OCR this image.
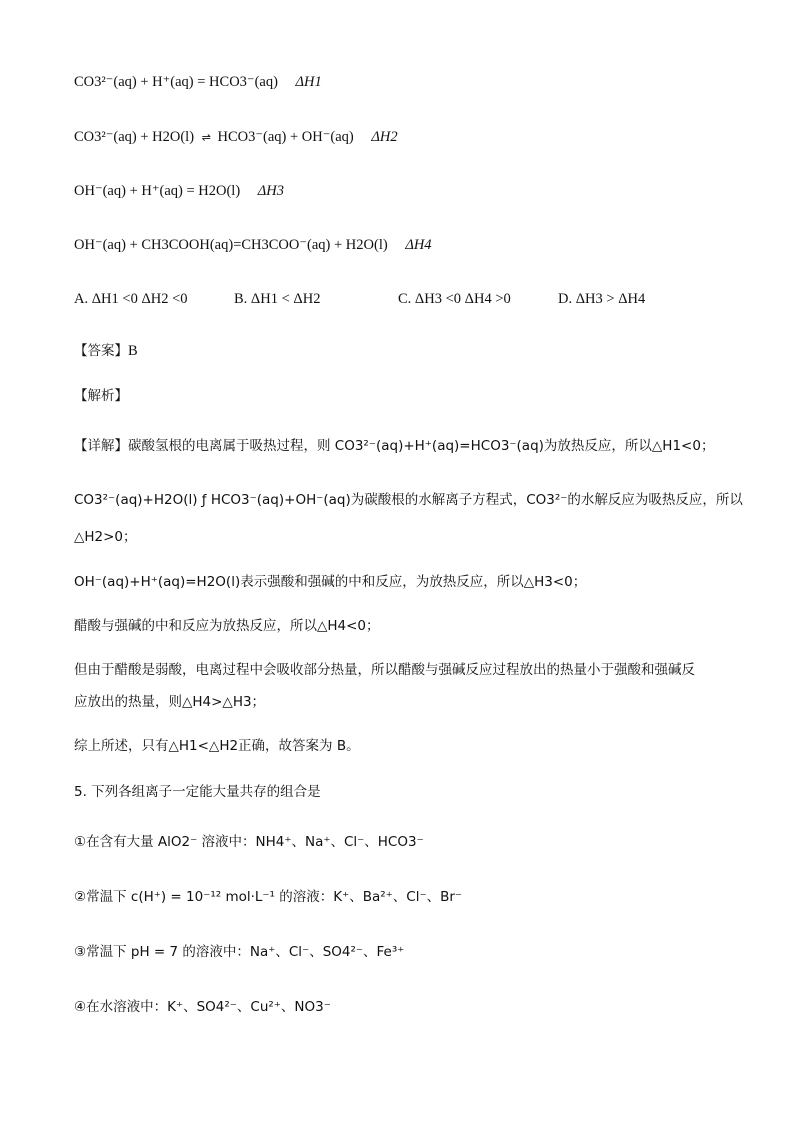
CO3²⁻(aq) + H⁺(aq) = HCO3⁻(aq) ΔH1
CO3²⁻(aq) + H2O(l) ⇌ HCO3⁻(aq) + OH⁻(aq) ΔH2
OH⁻(aq) + H⁺(aq) = H2O(l) ΔH3
OH⁻(aq) + CH3COOH(aq)=CH3COO⁻(aq) + H2O(l) ΔH4
A. ΔH1 <0 ΔH2 <0	B. ΔH1 < ΔH2	C. ΔH3 <0 ΔH4 >0	D. ΔH3 > ΔH4
【答案】B
【解析】
【详解】碳酸氢根的电离属于吸热过程，则 CO3²⁻(aq)+H⁺(aq)=HCO3⁻(aq)为放热反应，所以△H1<0；
CO3²⁻(aq)+H2O(l) ƒ HCO3⁻(aq)+OH⁻(aq)为碳酸根的水解离子方程式，CO3²⁻的水解反应为吸热反应，所以
△H2>0；
OH⁻(aq)+H⁺(aq)=H2O(l)表示强酸和强碱的中和反应，为放热反应，所以△H3<0；
醋酸与强碱的中和反应为放热反应，所以△H4<0；
但由于醋酸是弱酸，电离过程中会吸收部分热量，所以醋酸与强碱反应过程放出的热量小于强酸和强碱反
应放出的热量，则△H4>△H3；
综上所述，只有△H1<△H2正确，故答案为 B。
5. 下列各组离子一定能大量共存的组合是
①在含有大量 AlO2⁻ 溶液中：NH4⁺、Na⁺、Cl⁻、HCO3⁻
②常温下 c(H⁺) = 10⁻¹² mol·L⁻¹ 的溶液：K⁺、Ba²⁺、Cl⁻、Br⁻
③常温下 pH = 7 的溶液中：Na⁺、Cl⁻、SO4²⁻、Fe³⁺
④在水溶液中：K⁺、SO4²⁻、Cu²⁺、NO3⁻
